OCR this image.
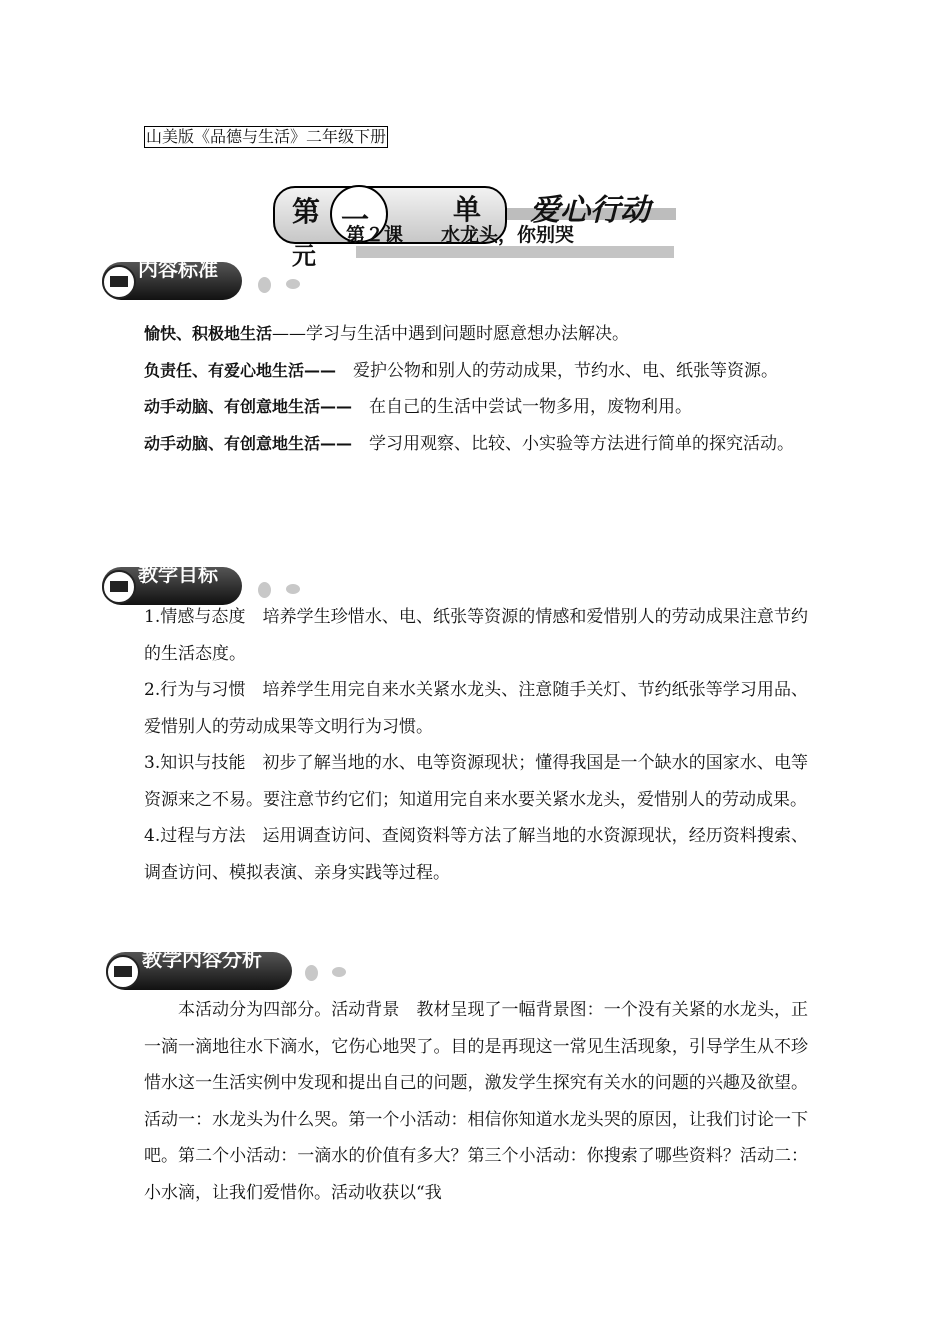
山美版《品德与生活》二年级下册
第 一	单
元
爱心行动
第２课 水龙头，你别哭
内容标准
愉快、积极地生活——学习与生活中遇到问题时愿意想办法解决。
负责任、有爱心地生活——　爱护公物和别人的劳动成果，节约水、电、纸张等资源。
动手动脑、有创意地生活——　在自己的生活中尝试一物多用，废物利用。
动手动脑、有创意地生活——　学习用观察、比较、小实验等方法进行简单的探究活动。
教学目标
1.情感与态度　培养学生珍惜水、电、纸张等资源的情感和爱惜别人的劳动成果注意节约的生活态度。
2.行为与习惯　培养学生用完自来水关紧水龙头、注意随手关灯、节约纸张等学习用品、爱惜别人的劳动成果等文明行为习惯。
3.知识与技能　初步了解当地的水、电等资源现状；懂得我国是一个缺水的国家水、电等资源来之不易。要注意节约它们；知道用完自来水要关紧水龙头，爱惜别人的劳动成果。
4.过程与方法　运用调查访问、查阅资料等方法了解当地的水资源现状，经历资料搜索、调查访问、模拟表演、亲身实践等过程。
教学内容分析
本活动分为四部分。活动背景　教材呈现了一幅背景图：一个没有关紧的水龙头，正一滴一滴地往水下滴水，它伤心地哭了。目的是再现这一常见生活现象，引导学生从不珍惜水这一生活实例中发现和提出自己的问题，激发学生探究有关水的问题的兴趣及欲望。活动一：水龙头为什么哭。第一个小活动：相信你知道水龙头哭的原因，让我们讨论一下吧。第二个小活动：一滴水的价值有多大？第三个小活动：你搜索了哪些资料？活动二：小水滴，让我们爱惜你。活动收获以“我
